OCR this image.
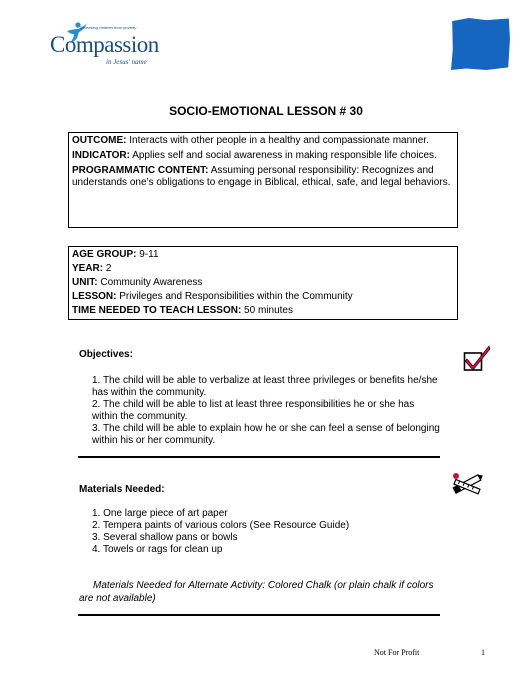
Releasing children from poverty
Compassion
in Jesus' name
SOCIO-EMOTIONAL LESSON # 30

OUTCOME: Interacts with other people in a healthy and compassionate manner.

INDICATOR: Applies self and social awareness in making responsible life choices.

PROGRAMMATIC CONTENT: Assuming personal responsibility: Recognizes and understands one’s obligations to engage in Biblical, ethical, safe, and legal behaviors.

AGE GROUP: 9-11

YEAR: 2

UNIT: Community Awareness

LESSON: Privileges and Responsibilities within the Community

TIME NEEDED TO TEACH LESSON: 50 minutes

Objectives:

1. The child will be able to verbalize at least three privileges or benefits he/she has within the community.

2. The child will be able to list at least three responsibilities he or she has within the community.

3. The child will be able to explain how he or she can feel a sense of belonging within his or her community.

Materials Needed:

1. One large piece of art paper

2. Tempera paints of various colors (See Resource Guide)

3. Several shallow pans or bowls

4. Towels or rags for clean up

Materials Needed for Alternate Activity: Colored Chalk (or plain chalk if colors are not available)
Not For Profit	1
